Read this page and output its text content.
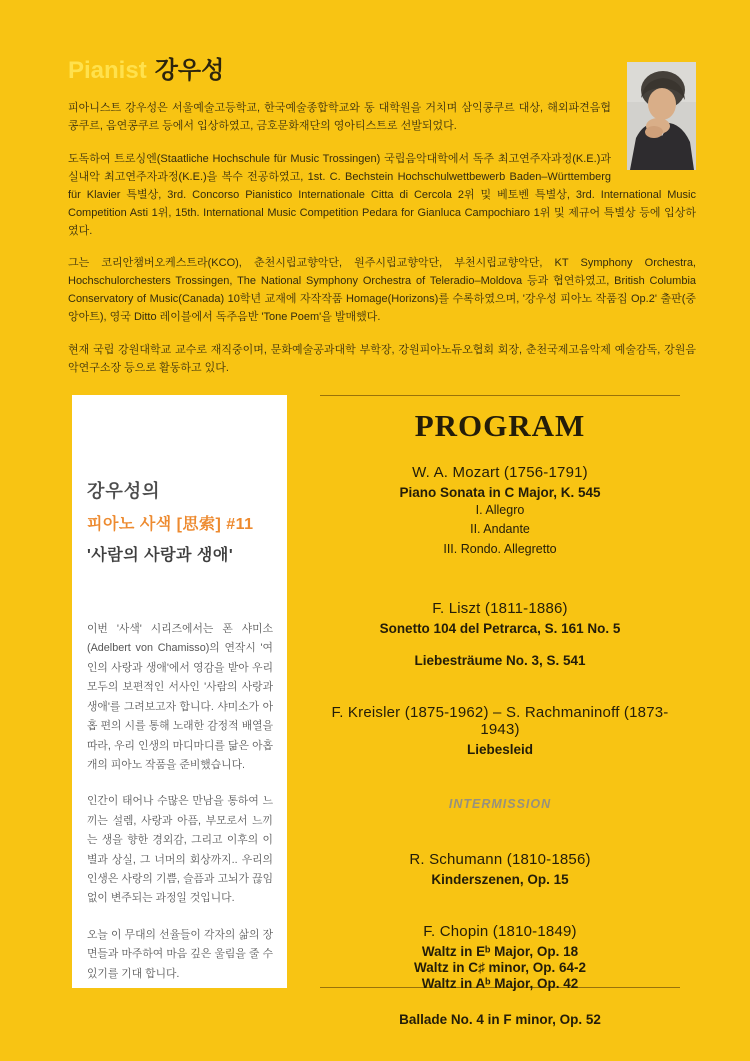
Pianist 강우성

피아니스트 강우성은 서울예술고등학교, 한국예술종합학교와 동 대학원을 거치며 삼익콩쿠르 대상, 해외파견음협콩쿠르, 음연콩쿠르 등에서 입상하였고, 금호문화재단의 영아티스트로 선발되었다.

도독하여 트로싱엔(Staatliche Hochschule für Music Trossingen) 국립음악대학에서 독주 최고연주자과정(K.E.)과 실내악 최고연주자과정(K.E.)을 복수 전공하였고, 1st. C. Bechstein Hochschulwettbewerb Baden–Württemberg für Klavier 특별상, 3rd. Concorso Pianistico Internationale Citta di Cercola 2위 및 베토벤 특별상, 3rd. International Music Competition Asti 1위, 15th. International Music Competition Pedara for Gianluca Campochiaro 1위 및 제규어 특별상 등에 입상하였다.

그는 코리안챔버오케스트라(KCO), 춘천시립교향악단, 원주시립교향악단, 부천시립교향악단, KT Symphony Orchestra, Hochschulorchesters Trossingen, The National Symphony Orchestra of Teleradio–Moldova 등과 협연하였고, British Columbia Conservatory of Music(Canada) 10학년 교재에 자작작품 Homage(Horizons)를 수록하였으며, '강우성 피아노 작품집 Op.2' 출판(중앙아트), 영국 Ditto 레이블에서 독주음반 'Tone Poem'을 발매했다.

현재 국립 강원대학교 교수로 재직중이며, 문화예술공과대학 부학장, 강원피아노듀오협회 회장, 춘천국제고음악제 예술감독, 강원음악연구소장 등으로 활동하고 있다.

강우성의
피아노 사색 [思索] #11
'사람의 사랑과 생애'

이번 '사색' 시리즈에서는 폰 샤미소(Adelbert von Chamisso)의 연작시 '여인의 사랑과 생애'에서 영감을 받아 우리 모두의 보편적인 서사인 '사람의 사랑과 생애'를 그려보고자 합니다. 샤미소가 아홉 편의 시를 통해 노래한 감정적 배열을 따라, 우리 인생의 마디마디를 닮은 아홉개의 피아노 작품을 준비했습니다.

인간이 태어나 수많은 만남을 통하여 느끼는 설렘, 사랑과 아픔, 부모로서 느끼는 생을 향한 경외감, 그리고 이후의 이별과 상실, 그 너머의 회상까지.. 우리의 인생은 사랑의 기쁨, 슬픔과 고뇌가 끊임없이 변주되는 과정일 것입니다.

오늘 이 무대의 선율들이 각자의 삶의 장면들과 마주하여 마음 깊은 울림을 줄 수 있기를 기대 합니다.

PROGRAM
W. A. Mozart (1756-1791)
Piano Sonata in C Major, K. 545
I. Allegro
II. Andante
III. Rondo. Allegretto
F. Liszt (1811-1886)
Sonetto 104 del Petrarca, S. 161 No. 5
Liebesträume No. 3, S. 541
F. Kreisler (1875-1962) – S. Rachmaninoff (1873-1943)
Liebesleid
INTERMISSION
R. Schumann (1810-1856)
Kinderszenen, Op. 15
F. Chopin (1810-1849)
Waltz in Eᵇ Major, Op. 18
Waltz in C♯ minor, Op. 64-2
Waltz in Aᵇ Major, Op. 42
Ballade No. 4 in F minor, Op. 52
